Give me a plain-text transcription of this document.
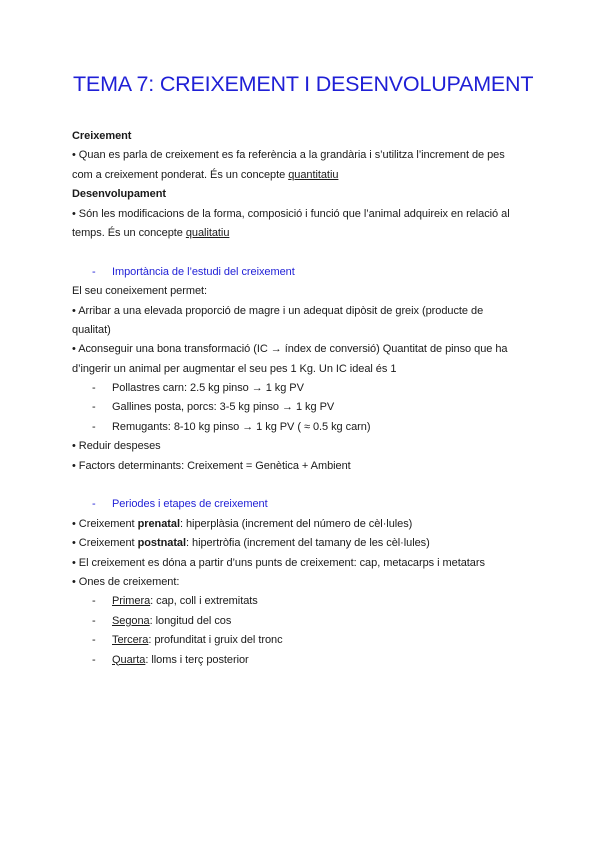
TEMA 7: CREIXEMENT I DESENVOLUPAMENT
Creixement
• Quan es parla de creixement es fa referència a la grandària i s’utilitza l’increment de pes
com a creixement ponderat. És un concepte quantitatiu
Desenvolupament
• Són les modificacions de la forma, composició i funció que l’animal adquireix en relació al
temps. És un concepte qualitatiu
- Importància de l’estudi del creixement
El seu coneixement permet:
• Arribar a una elevada proporció de magre i un adequat dipòsit de greix (producte de
qualitat)
• Aconseguir una bona transformació (IC → índex de conversió) Quantitat de pinso que ha
d’ingerir un animal per augmentar el seu pes 1 Kg. Un IC ideal és 1
- Pollastres carn: 2.5 kg pinso → 1 kg PV
- Gallines posta, porcs: 3-5 kg pinso → 1 kg PV
- Remugants: 8-10 kg pinso → 1 kg PV ( ≈ 0.5 kg carn)
• Reduir despeses
• Factors determinants: Creixement = Genètica + Ambient
- Periodes i etapes de creixement
• Creixement prenatal: hiperplàsia (increment del número de cèl·lules)
• Creixement postnatal: hipertròfia (increment del tamany de les cèl·lules)
• El creixement es dóna a partir d’uns punts de creixement: cap, metacarps i metatars
• Ones de creixement:
- Primera: cap, coll i extremitats
- Segona: longitud del cos
- Tercera: profunditat i gruix del tronc
- Quarta: lloms i terç posterior
